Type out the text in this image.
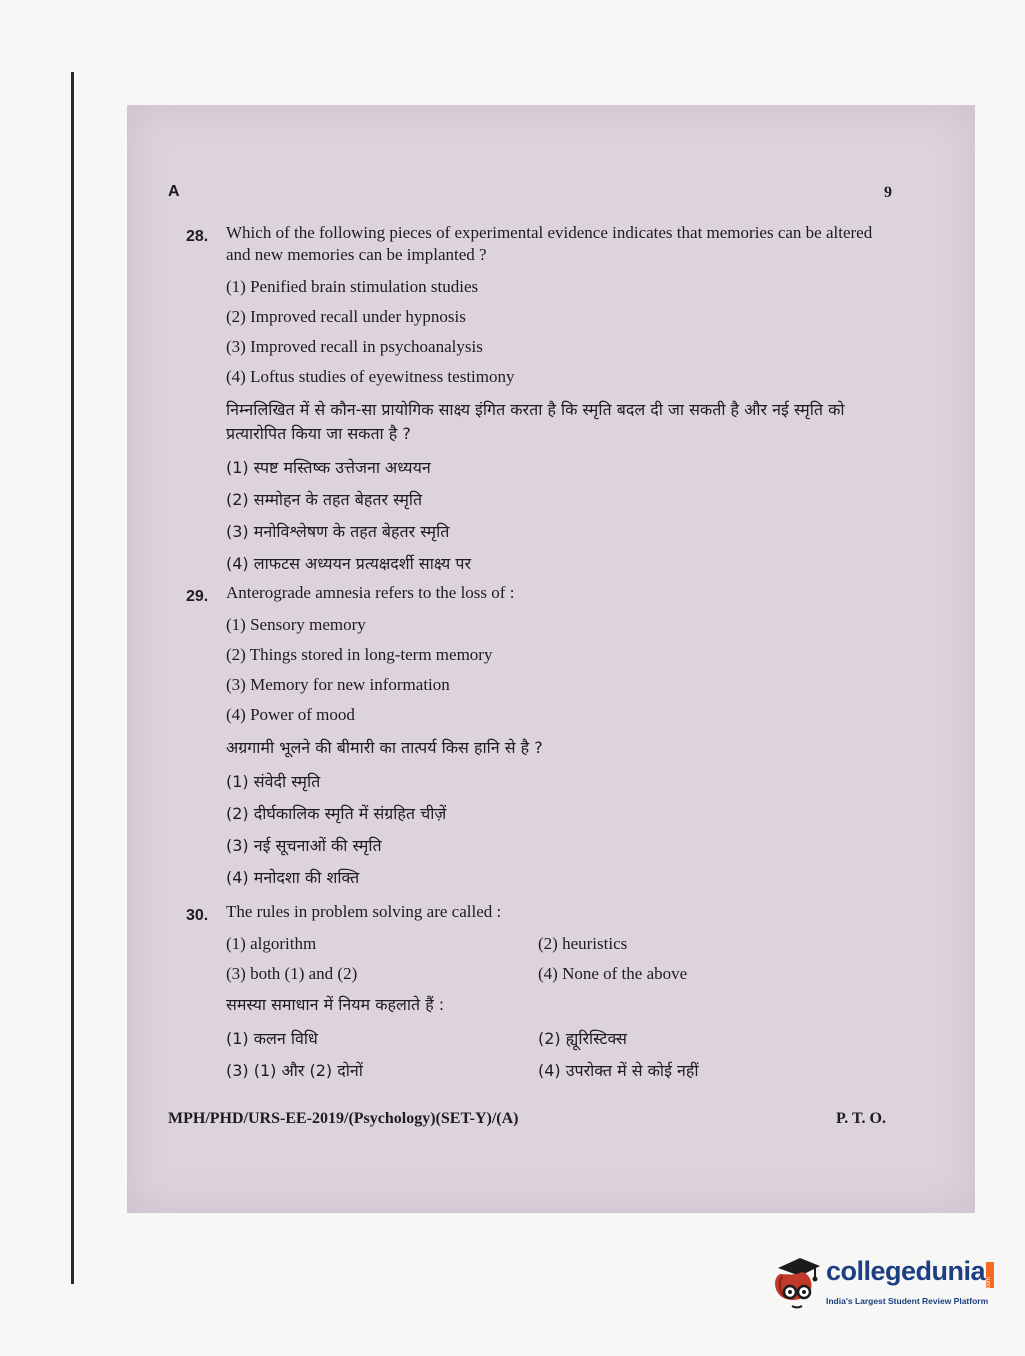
A	9
28. Which of the following pieces of experimental evidence indicates that memories can be altered and new memories can be implanted ?
(1) Penified brain stimulation studies
(2) Improved recall under hypnosis
(3) Improved recall in psychoanalysis
(4) Loftus studies of eyewitness testimony
निम्नलिखित में से कौन-सा प्रायोगिक साक्ष्य इंगित करता है कि स्मृति बदल दी जा सकती है और नई स्मृति को प्रत्यारोपित किया जा सकता है ?
(1) स्पष्ट मस्तिष्क उत्तेजना अध्ययन
(2) सम्मोहन के तहत बेहतर स्मृति
(3) मनोविश्लेषण के तहत बेहतर स्मृति
(4) लाफटस अध्ययन प्रत्यक्षदर्शी साक्ष्य पर
29. Anterograde amnesia refers to the loss of :
(1) Sensory memory
(2) Things stored in long-term memory
(3) Memory for new information
(4) Power of mood
अग्रगामी भूलने की बीमारी का तात्पर्य किस हानि से है ?
(1) संवेदी स्मृति
(2) दीर्घकालिक स्मृति में संग्रहित चीज़ें
(3) नई सूचनाओं की स्मृति
(4) मनोदशा की शक्ति
30. The rules in problem solving are called :
(1) algorithm	(2) heuristics
(3) both (1) and (2)	(4) None of the above
समस्या समाधान में नियम कहलाते हैं :
(1) कलन विधि	(2) ह्यूरिस्टिक्स
(3) (1) और (2) दोनों	(4) उपरोक्त में से कोई नहीं
MPH/PHD/URS-EE-2019/(Psychology)(SET-Y)/(A)	P. T. O.
collegedunia .com
India's Largest Student Review Platform
